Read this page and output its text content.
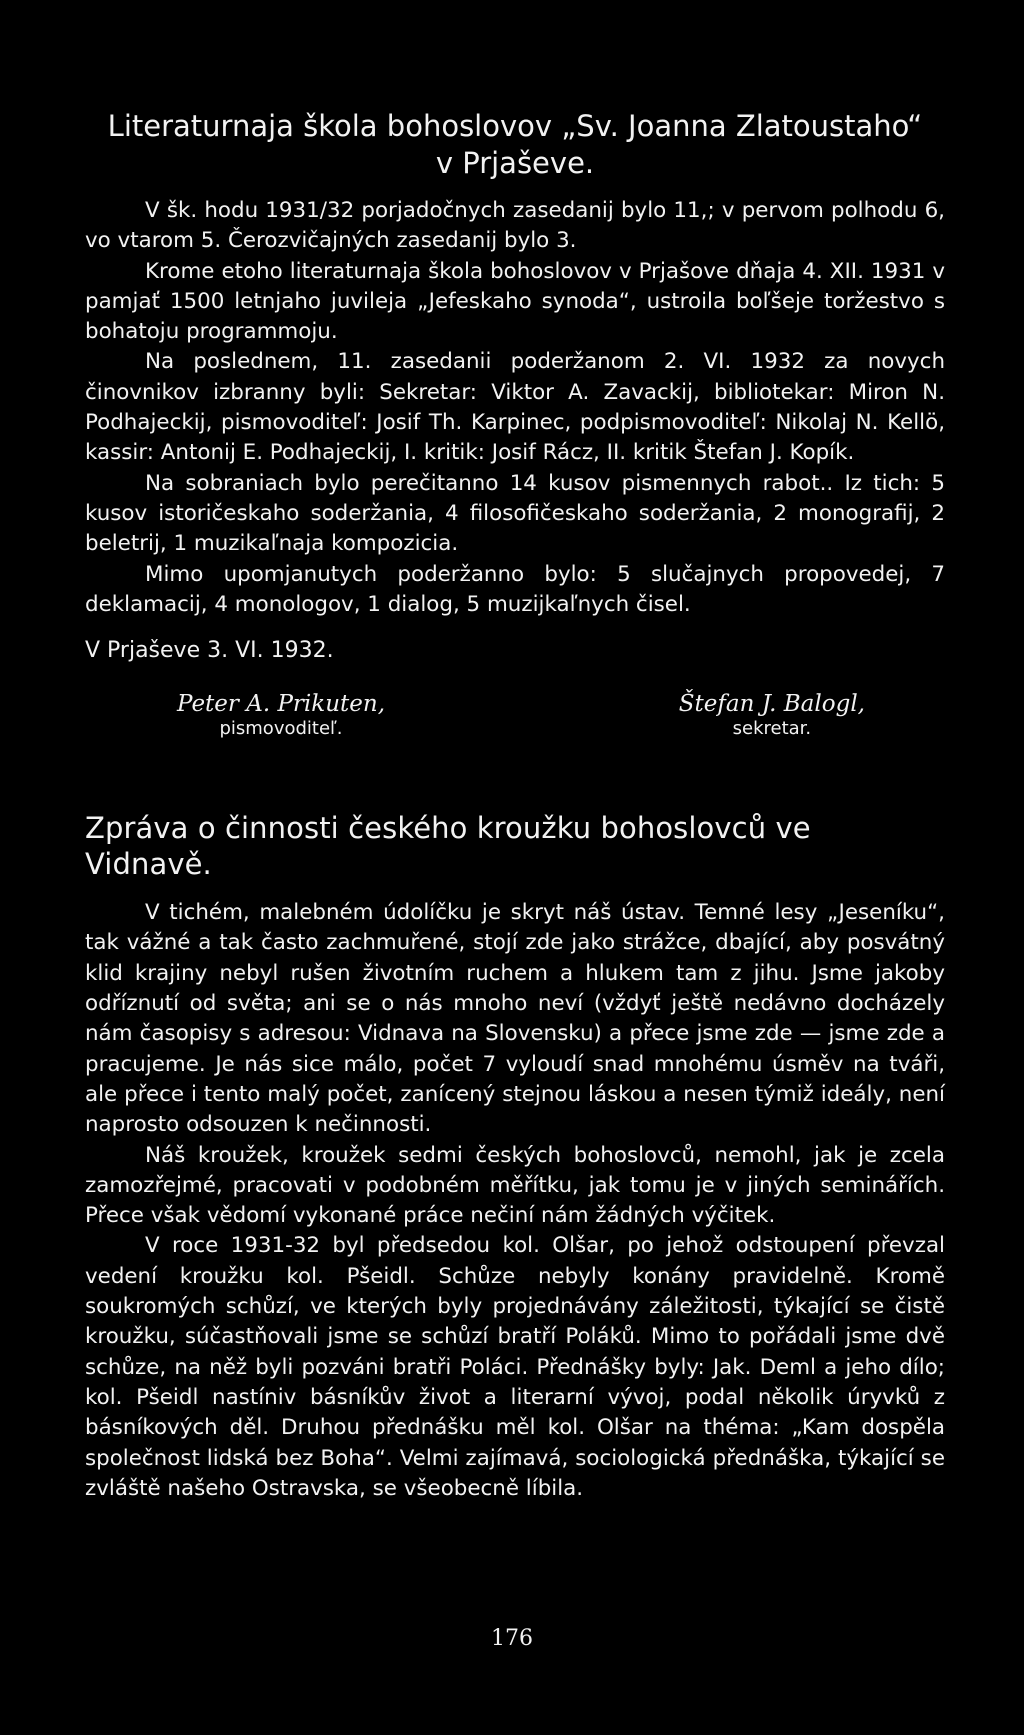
Literaturnaja škola bohoslovov „Sv. Joanna Zlatoustaho“
v Prjaševe.

V šk. hodu 1931/32 porjadočnych zasedanij bylo 11,; v pervom polhodu 6, vo vtarom 5. Čerozvičajných zasedanij bylo 3.

Krome etoho literaturnaja škola bohoslovov v Prjašove dňaja 4. XII. 1931 v pamjať 1500 letnjaho juvileja „Jefeskaho synoda“, ustroila boľšeje toržestvo s bohatoju programmoju.

Na poslednem, 11. zasedanii poderžanom 2. VI. 1932 za novych činovnikov izbranny byli: Sekretar: Viktor A. Zavackij, bibliotekar: Miron N. Podhajeckij, pismovoditeľ: Josif Th. Karpinec, podpismovoditeľ: Nikolaj N. Kellö, kassir: Antonij E. Podhajeckij, I. kritik: Josif Rácz, II. kritik Štefan J. Kopík.

Na sobraniach bylo perečitanno 14 kusov pismennych rabot.. Iz tich: 5 kusov istoričeskaho soderžania, 4 filosofičeskaho soderžania, 2 monografij, 2 beletrij, 1 muzikaľnaja kompozicia.

Mimo upomjanutych poderžanno bylo: 5 slučajnych propovedej, 7 deklamacij, 4 monologov, 1 dialog, 5 muzijkaľnych čisel.

V Prjaševe 3. VI. 1932.

Peter A. Prikuten,
pismovoditeľ.
Štefan J. Balogl,
sekretar.
Zpráva o činnosti českého kroužku bohoslovců ve Vidnavě.

V tichém, malebném údolíčku je skryt náš ústav. Temné lesy „Jeseníku“, tak vážné a tak často zachmuřené, stojí zde jako strážce, dbající, aby posvátný klid krajiny nebyl rušen životním ruchem a hlukem tam z jihu. Jsme jakoby odříznutí od světa; ani se o nás mnoho neví (vždyť ještě nedávno docházely nám časopisy s adresou: Vidnava na Slovensku) a přece jsme zde — jsme zde a pracujeme. Je nás sice málo, počet 7 vyloudí snad mnohému úsměv na tváři, ale přece i tento malý počet, zanícený stejnou láskou a nesen týmiž ideály, není naprosto odsouzen k nečinnosti.

Náš kroužek, kroužek sedmi českých bohoslovců, nemohl, jak je zcela zamozřejmé, pracovati v podobném měřítku, jak tomu je v jiných seminářích. Přece však vědomí vykonané práce nečiní nám žádných výčitek.

V roce 1931-32 byl předsedou kol. Olšar, po jehož odstoupení převzal vedení kroužku kol. Pšeidl. Schůze nebyly konány pravidelně. Kromě soukromých schůzí, ve kterých byly projednávány záležitosti, týkající se čistě kroužku, súčastňovali jsme se schůzí bratří Poláků. Mimo to pořádali jsme dvě schůze, na něž byli pozváni bratři Poláci. Přednášky byly: Jak. Deml a jeho dílo; kol. Pšeidl nastíniv básníkův život a literarní vývoj, podal několik úryvků z básníkových děl. Druhou přednášku měl kol. Olšar na théma: „Kam dospěla společnost lidská bez Boha“. Velmi zajímavá, sociologická přednáška, týkající se zvláště našeho Ostravska, se všeobecně líbila.

176
